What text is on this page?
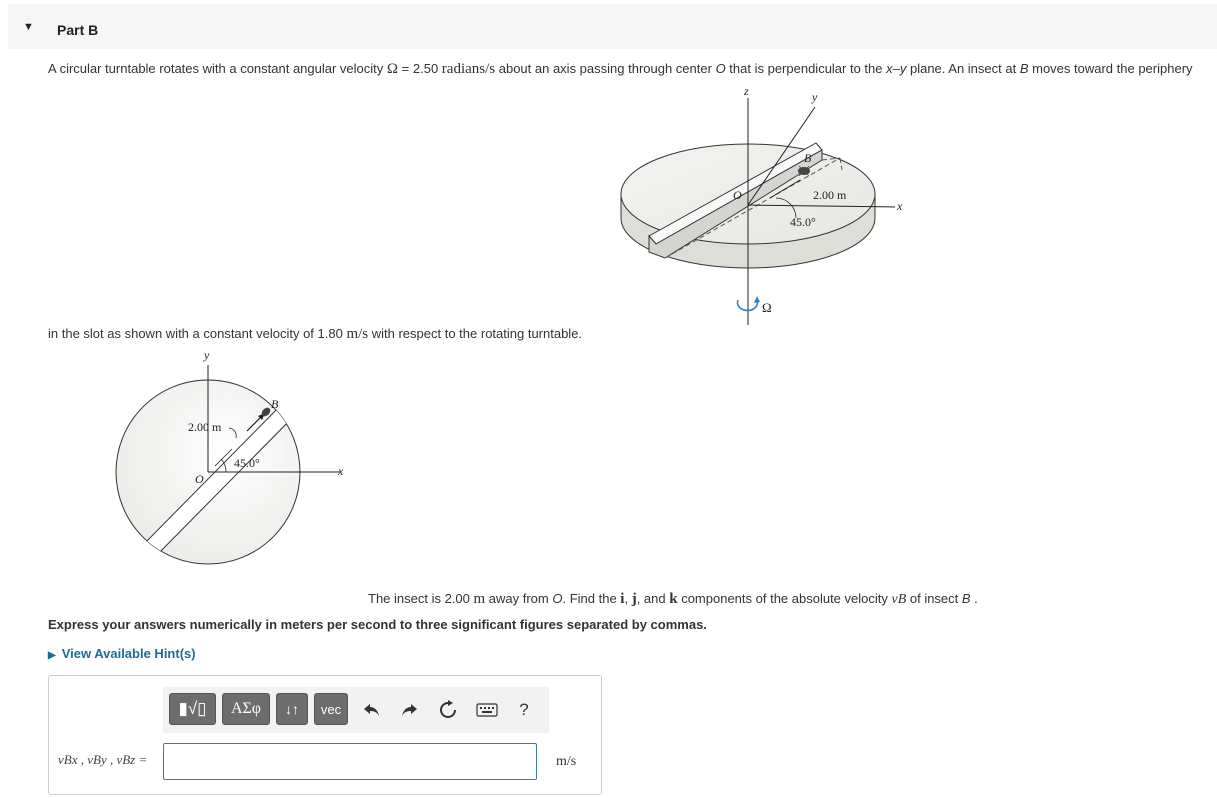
▼ Part B
A circular turntable rotates with a constant angular velocity Ω = 2.50 radians/s about an axis passing through center O that is perpendicular to the x–y plane. An insect at B moves toward the periphery
z	y
x
B
O	2.00 m
45.0°
Ω
in the slot as shown with a constant velocity of 1.80 m/s with respect to the rotating turntable.
y
x
B
O
2.00 m
45.0°
The insect is 2.00 m away from O. Find the i, j, and k components of the absolute velocity vB of insect B .
Express your answers numerically in meters per second to three significant figures separated by commas.
▶ View Available Hint(s)
▮√▯ ΑΣφ ↓↑ vec	?
vBx , vBy , vBz =	m/s
